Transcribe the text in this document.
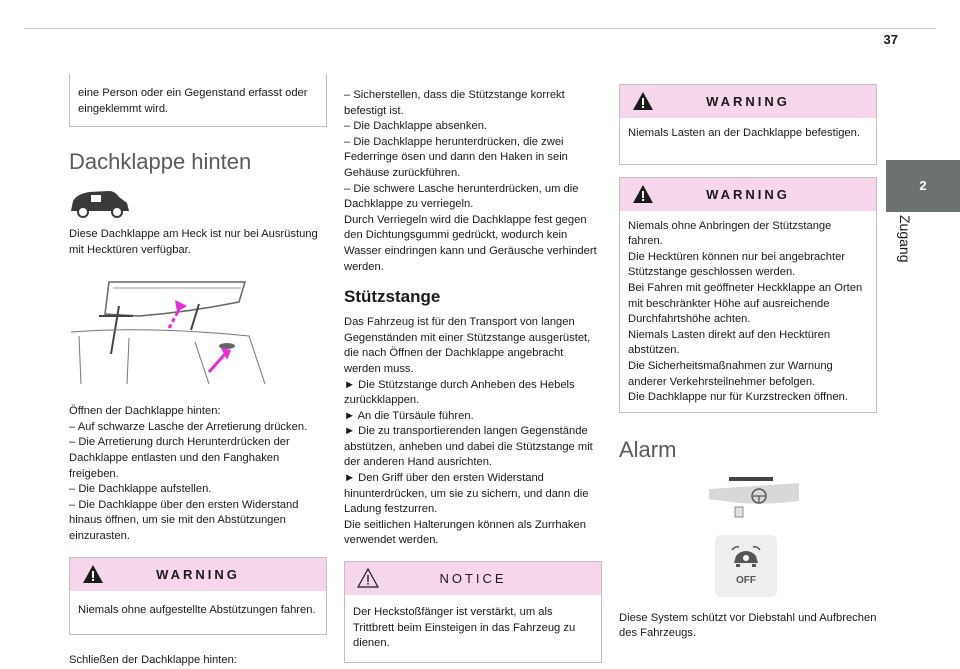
37
2
Zugang

eine Person oder ein Gegenstand erfasst oder eingeklemmt wird.

Dachklappe hinten

Diese Dachklappe am Heck ist nur bei Ausrüstung mit Hecktüren verfügbar.

Öffnen der Dachklappe hinten:

– Auf schwarze Lasche der Arretierung drücken.

– Die Arretierung durch Herunterdrücken der Dachklappe entlasten und den Fanghaken freigeben.

– Die Dachklappe aufstellen.

– Die Dachklappe über den ersten Widerstand hinaus öffnen, um sie mit den Abstützungen einzurasten.

WARNING

Niemals ohne aufgestellte Abstützungen fahren.

Schließen der Dachklappe hinten:

– Sicherstellen, dass die Stützstange korrekt befestigt ist.

– Die Dachklappe absenken.

– Die Dachklappe herunterdrücken, die zwei Federringe ösen und dann den Haken in sein Gehäuse zurückführen.

– Die schwere Lasche herunterdrücken, um die Dachklappe zu verriegeln.

Durch Verriegeln wird die Dachklappe fest gegen den Dichtungsgummi gedrückt, wodurch kein Wasser eindringen kann und Geräusche verhindert werden.

Stützstange

Das Fahrzeug ist für den Transport von langen Gegenständen mit einer Stützstange ausgerüstet, die nach Öffnen der Dachklappe angebracht werden muss.

► Die Stützstange durch Anheben des Hebels zurückklappen.

► An die Türsäule führen.

► Die zu transportierenden langen Gegenstände abstützen, anheben und dabei die Stützstange mit der anderen Hand ausrichten.

► Den Griff über den ersten Widerstand hinunterdrücken, um sie zu sichern, und dann die Ladung festzurren.

Die seitlichen Halterungen können als Zurrhaken verwendet werden.

NOTICE

Der Heckstoßfänger ist verstärkt, um als Trittbrett beim Einsteigen in das Fahrzeug zu dienen.

WARNING

Niemals Lasten an der Dachklappe befestigen.

WARNING

Niemals ohne Anbringen der Stützstange fahren.

Die Hecktüren können nur bei angebrachter Stützstange geschlossen werden.

Bei Fahren mit geöffneter Heckklappe an Orten mit beschränkter Höhe auf ausreichende Durchfahrtshöhe achten.

Niemals Lasten direkt auf den Hecktüren abstützen.

Die Sicherheitsmaßnahmen zur Warnung anderer Verkehrsteilnehmer befolgen.

Die Dachklappe nur für Kurzstrecken öffnen.

Alarm
OFF

Diese System schützt vor Diebstahl und Aufbrechen des Fahrzeugs.
